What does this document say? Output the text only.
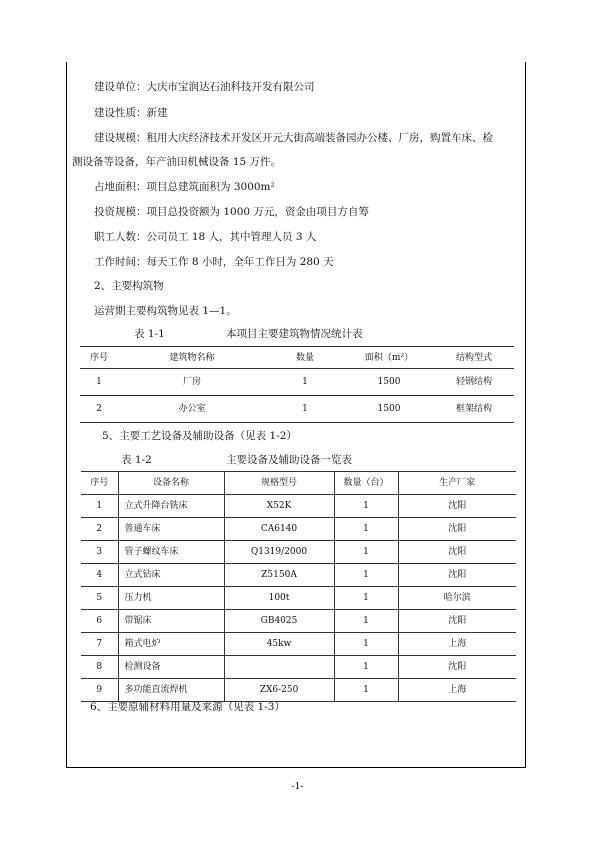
建设单位：大庆市宝润达石油科技开发有限公司
建设性质：新建
建设规模：租用大庆经济技术开发区开元大街高端装备园办公楼、厂房，购置车床、检
测设备等设备，年产油田机械设备 15 万件。
占地面积：项目总建筑面积为 3000m²
投资规模：项目总投资额为 1000 万元，资金由项目方自筹
职工人数：公司员工 18 人，其中管理人员 3 人
工作时间：每天工作 8 小时，全年工作日为 280 天
2、主要构筑物
运营期主要构筑物见表 1—1。
表 1-1	本项目主要建筑物情况统计表
序号	建筑物名称	数量	面积（m²）	结构型式
1	厂房	1	1500	轻钢结构
2	办公室	1	1500	框架结构
5、主要工艺设备及辅助设备（见表 1-2）
表 1-2	主要设备及辅助设备一览表
序号	设备名称	规格型号	数量（台）	生产厂家
1	立式升降台铣床	X52K	1	沈阳
2	普通车床	CA6140	1	沈阳
3	管子螺纹车床	Q1319/2000	1	沈阳
4	立式钻床	Z5150A	1	沈阳
5	压力机	100t	1	哈尔滨
6	带锯床	GB4025	1	沈阳
7	箱式电炉	45kw	1	上海
8	检测设备		1	沈阳
9	多功能直流焊机	ZX6-250	1	上海
6、主要原辅材料用量及来源（见表 1-3）
-1-
